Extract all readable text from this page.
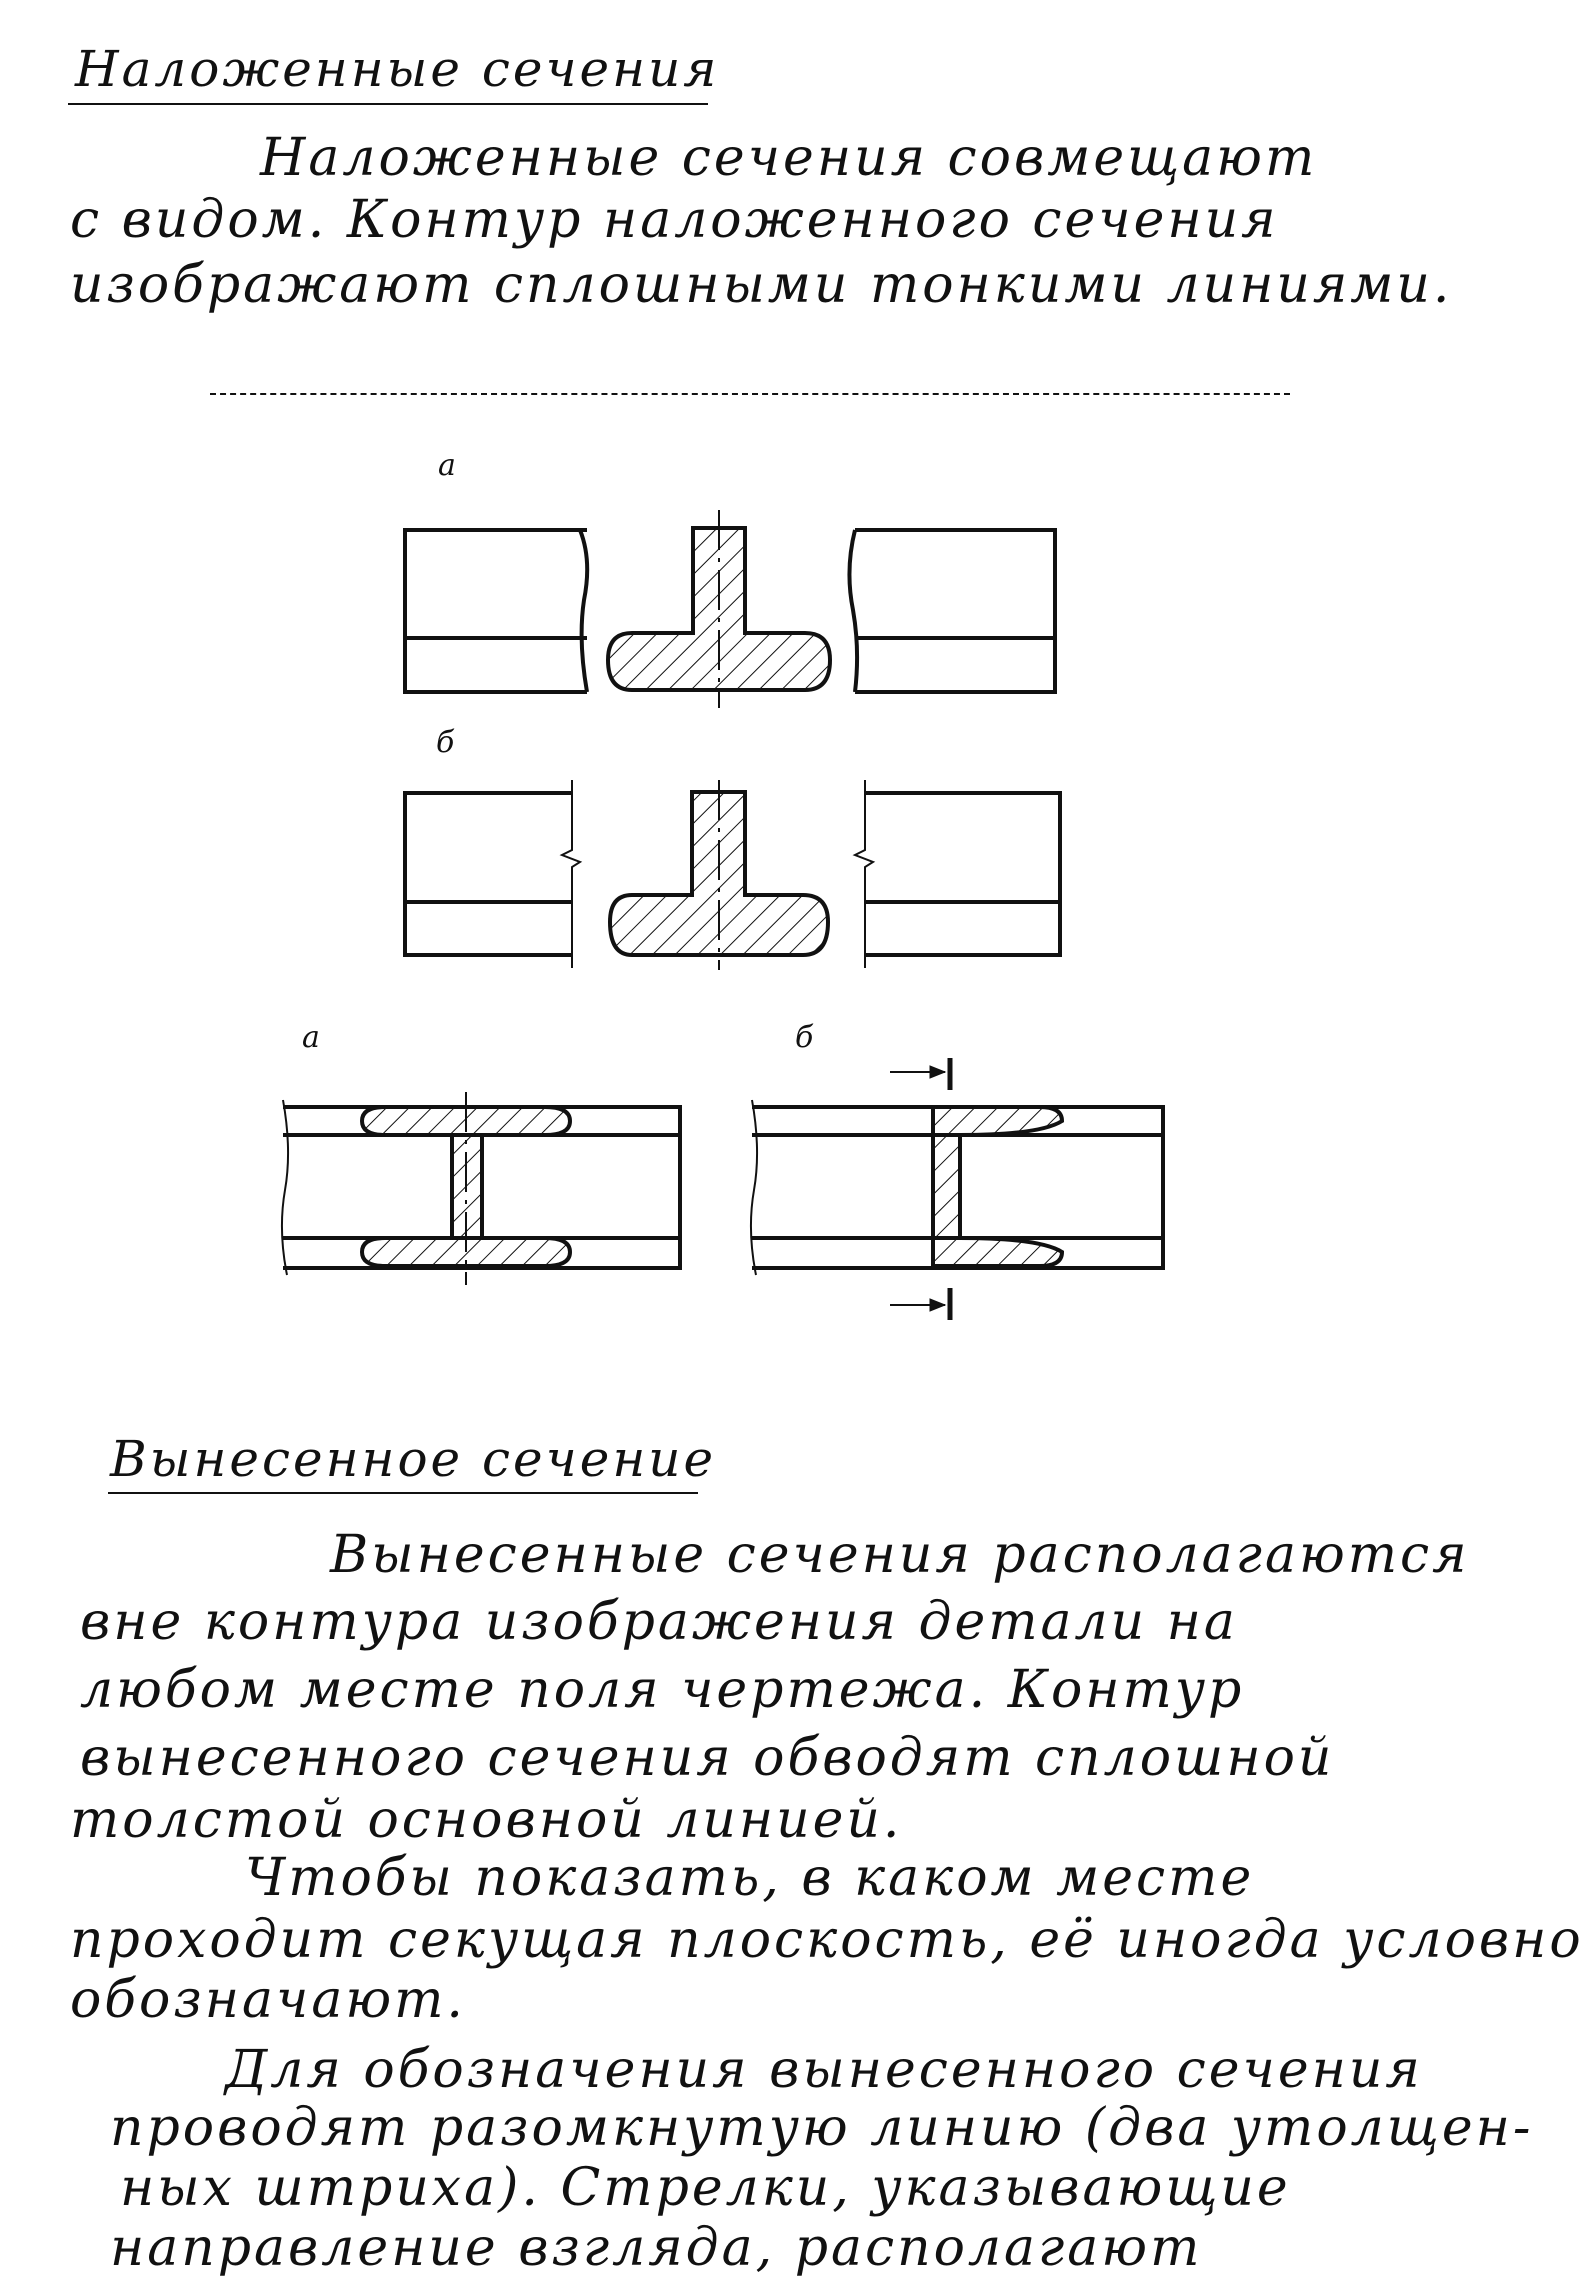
Наложенные сечения
Наложенные сечения совмещают
с видом. Контур наложенного сечения
изображают сплошными тонкими линиями.
а
б
а	б
Вынесенное сечение
Вынесенные сечения располагаются
вне контура изображения детали на
любом месте поля чертежа. Контур
вынесенного сечения обводят сплошной
толстой основной линией.
Чтобы показать, в каком месте
проходит секущая плоскость, её иногда условно
обозначают.
Для обозначения вынесенного сечения
проводят разомкнутую линию (два утолщен-
ных штриха). Стрелки, указывающие
направление взгляда, располагают
